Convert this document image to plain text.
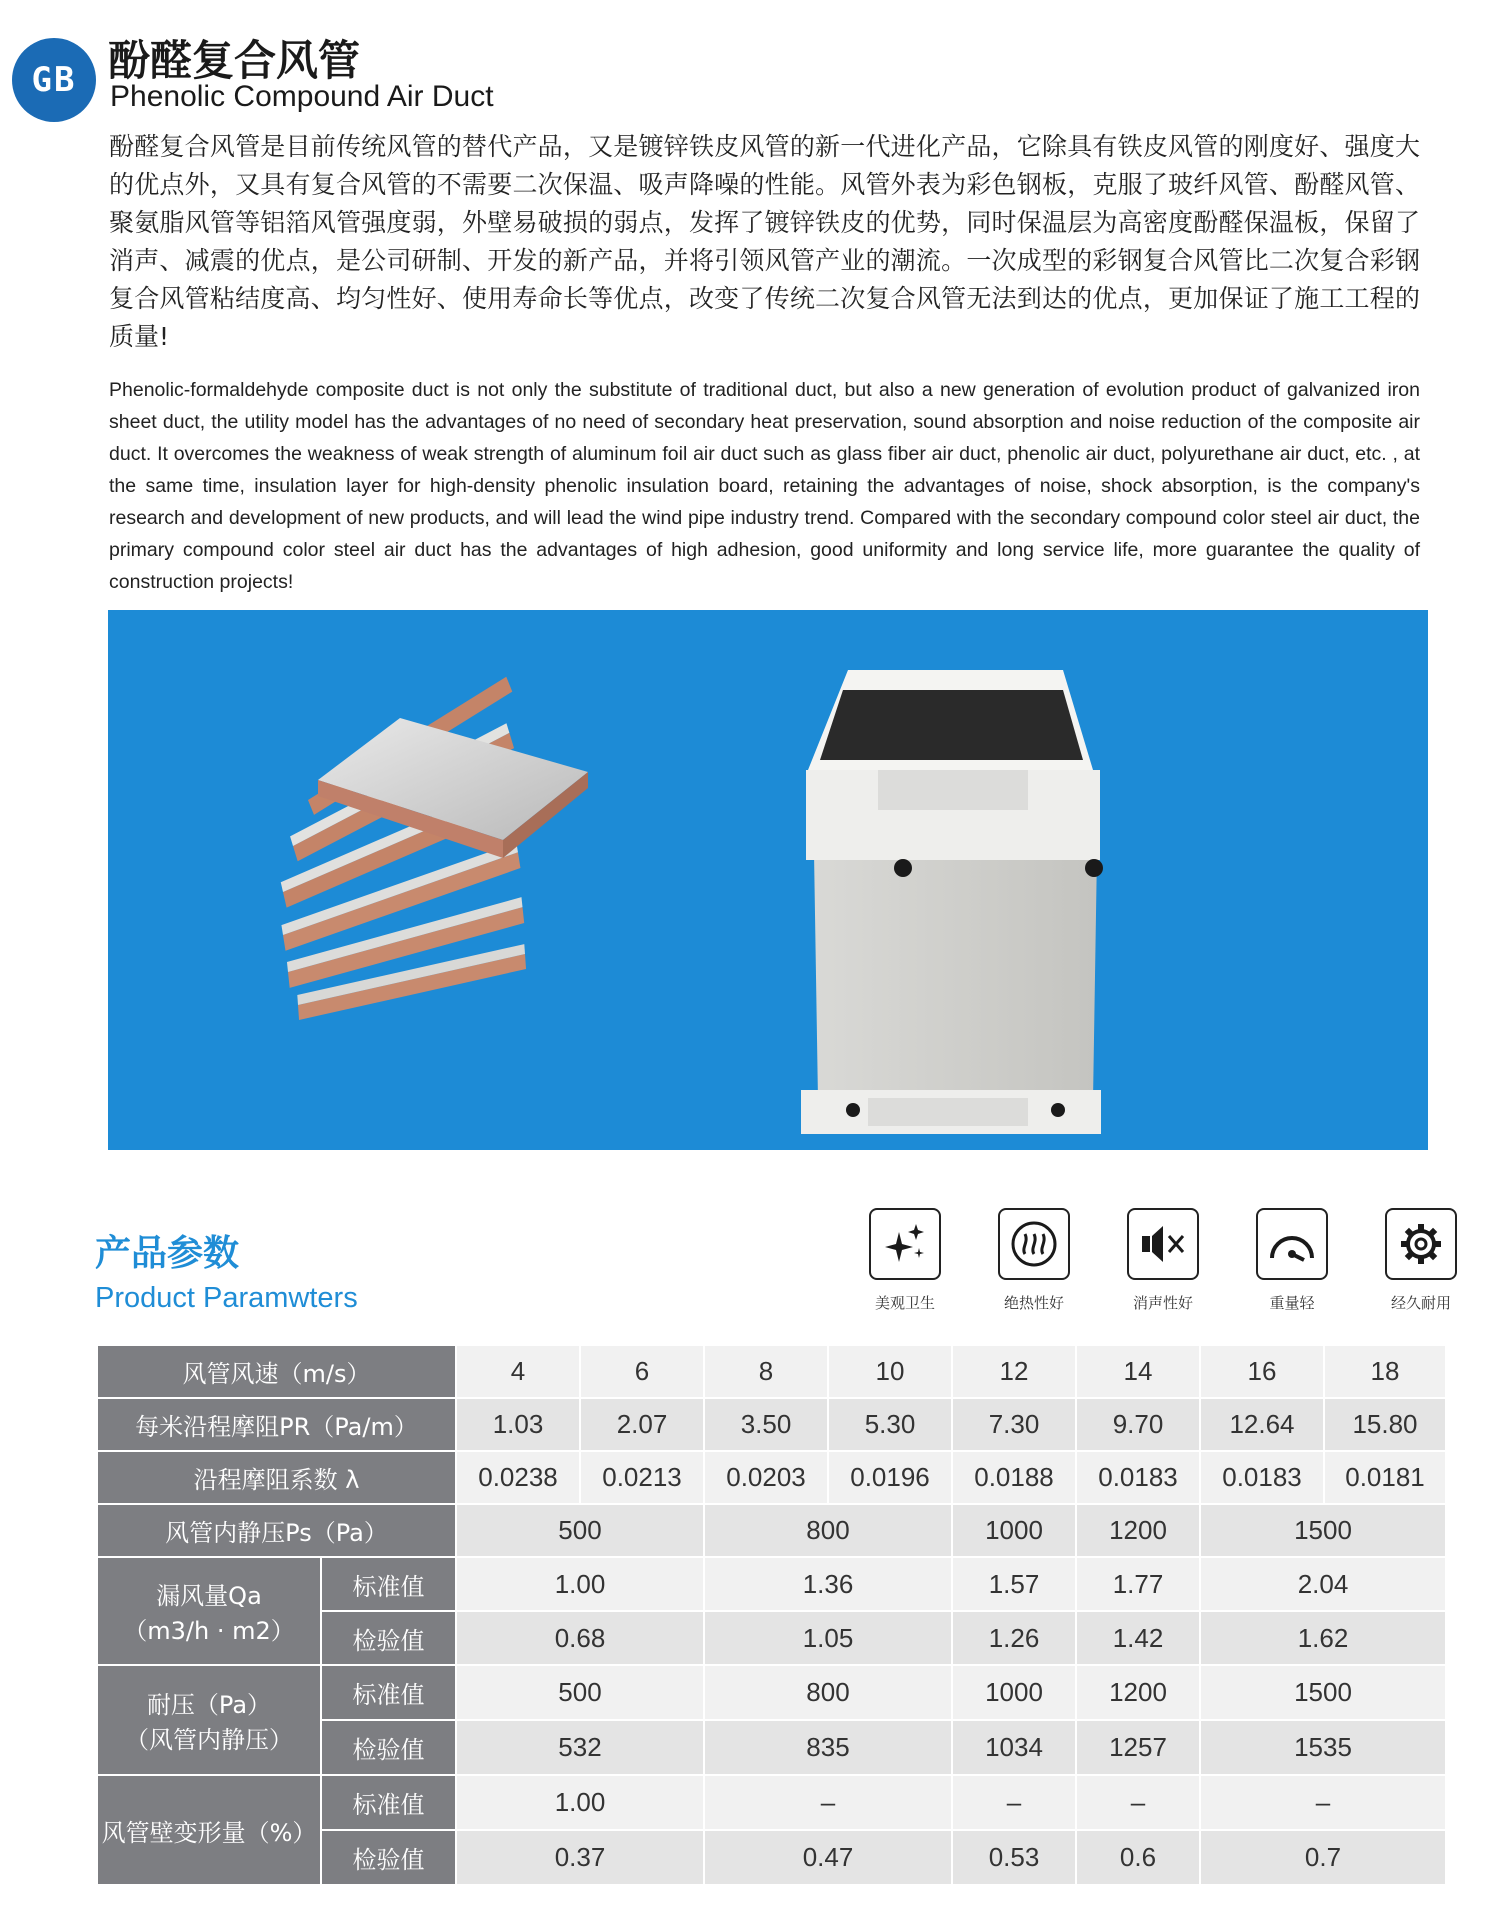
GB 酚醛复合风管
Phenolic Compound Air Duct
酚醛复合风管是目前传统风管的替代产品，又是镀锌铁皮风管的新一代进化产品，它除具有铁皮风管的刚度好、强度大的优点外，又具有复合风管的不需要二次保温、吸声降噪的性能。风管外表为彩色钢板，克服了玻纤风管、酚醛风管、聚氨脂风管等铝箔风管强度弱，外壁易破损的弱点，发挥了镀锌铁皮的优势，同时保温层为高密度酚醛保温板，保留了消声、减震的优点，是公司研制、开发的新产品，并将引领风管产业的潮流。一次成型的彩钢复合风管比二次复合彩钢复合风管粘结度高、均匀性好、使用寿命长等优点，改变了传统二次复合风管无法到达的优点，更加保证了施工工程的质量!
Phenolic-formaldehyde composite duct is not only the substitute of traditional duct, but also a new generation of evolution product of galvanized iron sheet duct, the utility model has the advantages of no need of secondary heat preservation, sound absorption and noise reduction of the composite air duct. It overcomes the weakness of weak strength of aluminum foil air duct such as glass fiber air duct, phenolic air duct, polyurethane air duct, etc. , at the same time, insulation layer for high-density phenolic insulation board, retaining the advantages of noise, shock absorption, is the company's research and development of new products, and will lead the wind pipe industry trend. Compared with the secondary compound color steel air duct, the primary compound color steel air duct has the advantages of high adhesion, good uniformity and long service life, more guarantee the quality of construction projects!
产品参数
Product Paramwters	美观卫生	绝热性好	消声性好	重量轻	经久耐用
风管风速（m/s）		4	6	8	10	12	14	16	18
每米沿程摩阻PR（Pa/m）		1.03	2.07	3.50	5.30	7.30	9.70	12.64	15.80
沿程摩阻系数 λ		0.0238	0.0213	0.0203	0.0196	0.0188	0.0183	0.0183	0.0181
风管内静压Ps（Pa）		500		800		1000	1200	1500	

漏风量Qa
（m3/h · m2）	标准值	1.00		1.36		1.57	1.77	2.04	
	检验值	0.68		1.05		1.26	1.42	1.62	

耐压（Pa）
（风管内静压）	标准值	500		800		1000	1200	1500	
	检验值	532		835		1034	1257	1535	
风管壁变形量（%）	标准值	1.00		–		–	–	–	
	检验值	0.37		0.47		0.53	0.6	0.7	
